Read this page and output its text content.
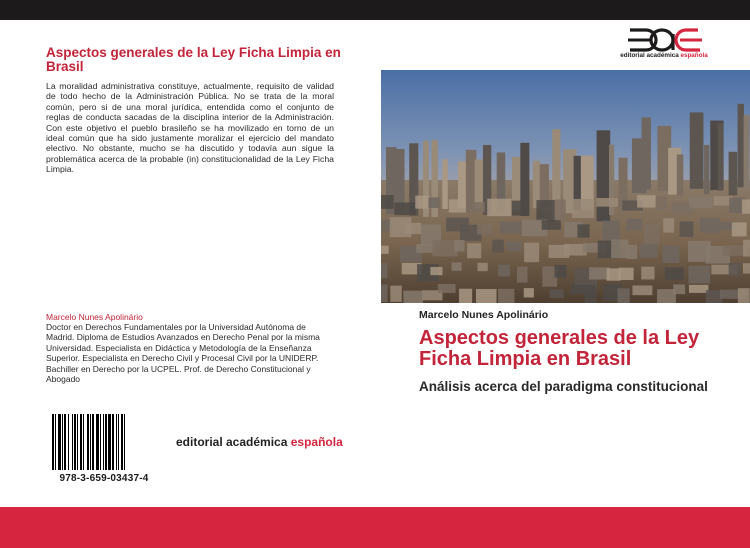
Aspectos generales de la Ley Ficha Limpia en Brasil
La moralidad administrativa constituye, actualmente, requisito de validad de todo hecho de la Administración Pública. No se trata de la moral común, pero si de una moral jurídica, entendida como el conjunto de reglas de conducta sacadas de la disciplina interior de la Administración. Con este objetivo el pueblo brasileño se ha movilizado en torno de un ideal común que ha sido justamente moralizar el ejercicio del mandato electivo. No obstante, mucho se ha discutido y todavía aun sigue la problemática acerca de la probable (in) constitucionalidad de la Ley Ficha Limpia.
Marcelo Nunes Apolinário
Doctor en Derechos Fundamentales por la Universidad Autónoma de Madrid. Diploma de Estudios Avanzados en Derecho Penal por la misma Universidad. Especialista en Didáctica y Metodología de la Enseñanza Superior. Especialista en Derecho Civil y Procesal Civil por la UNIDERP. Bachiller en Derecho por la UCPEL. Prof. de Derecho Constitucional y Abogado
978-3-659-03437-4
editorial académica española
editorial académica española
Marcelo Nunes Apolinário
Aspectos generales de la Ley Ficha Limpia en Brasil
Análisis acerca del paradigma constitucional
